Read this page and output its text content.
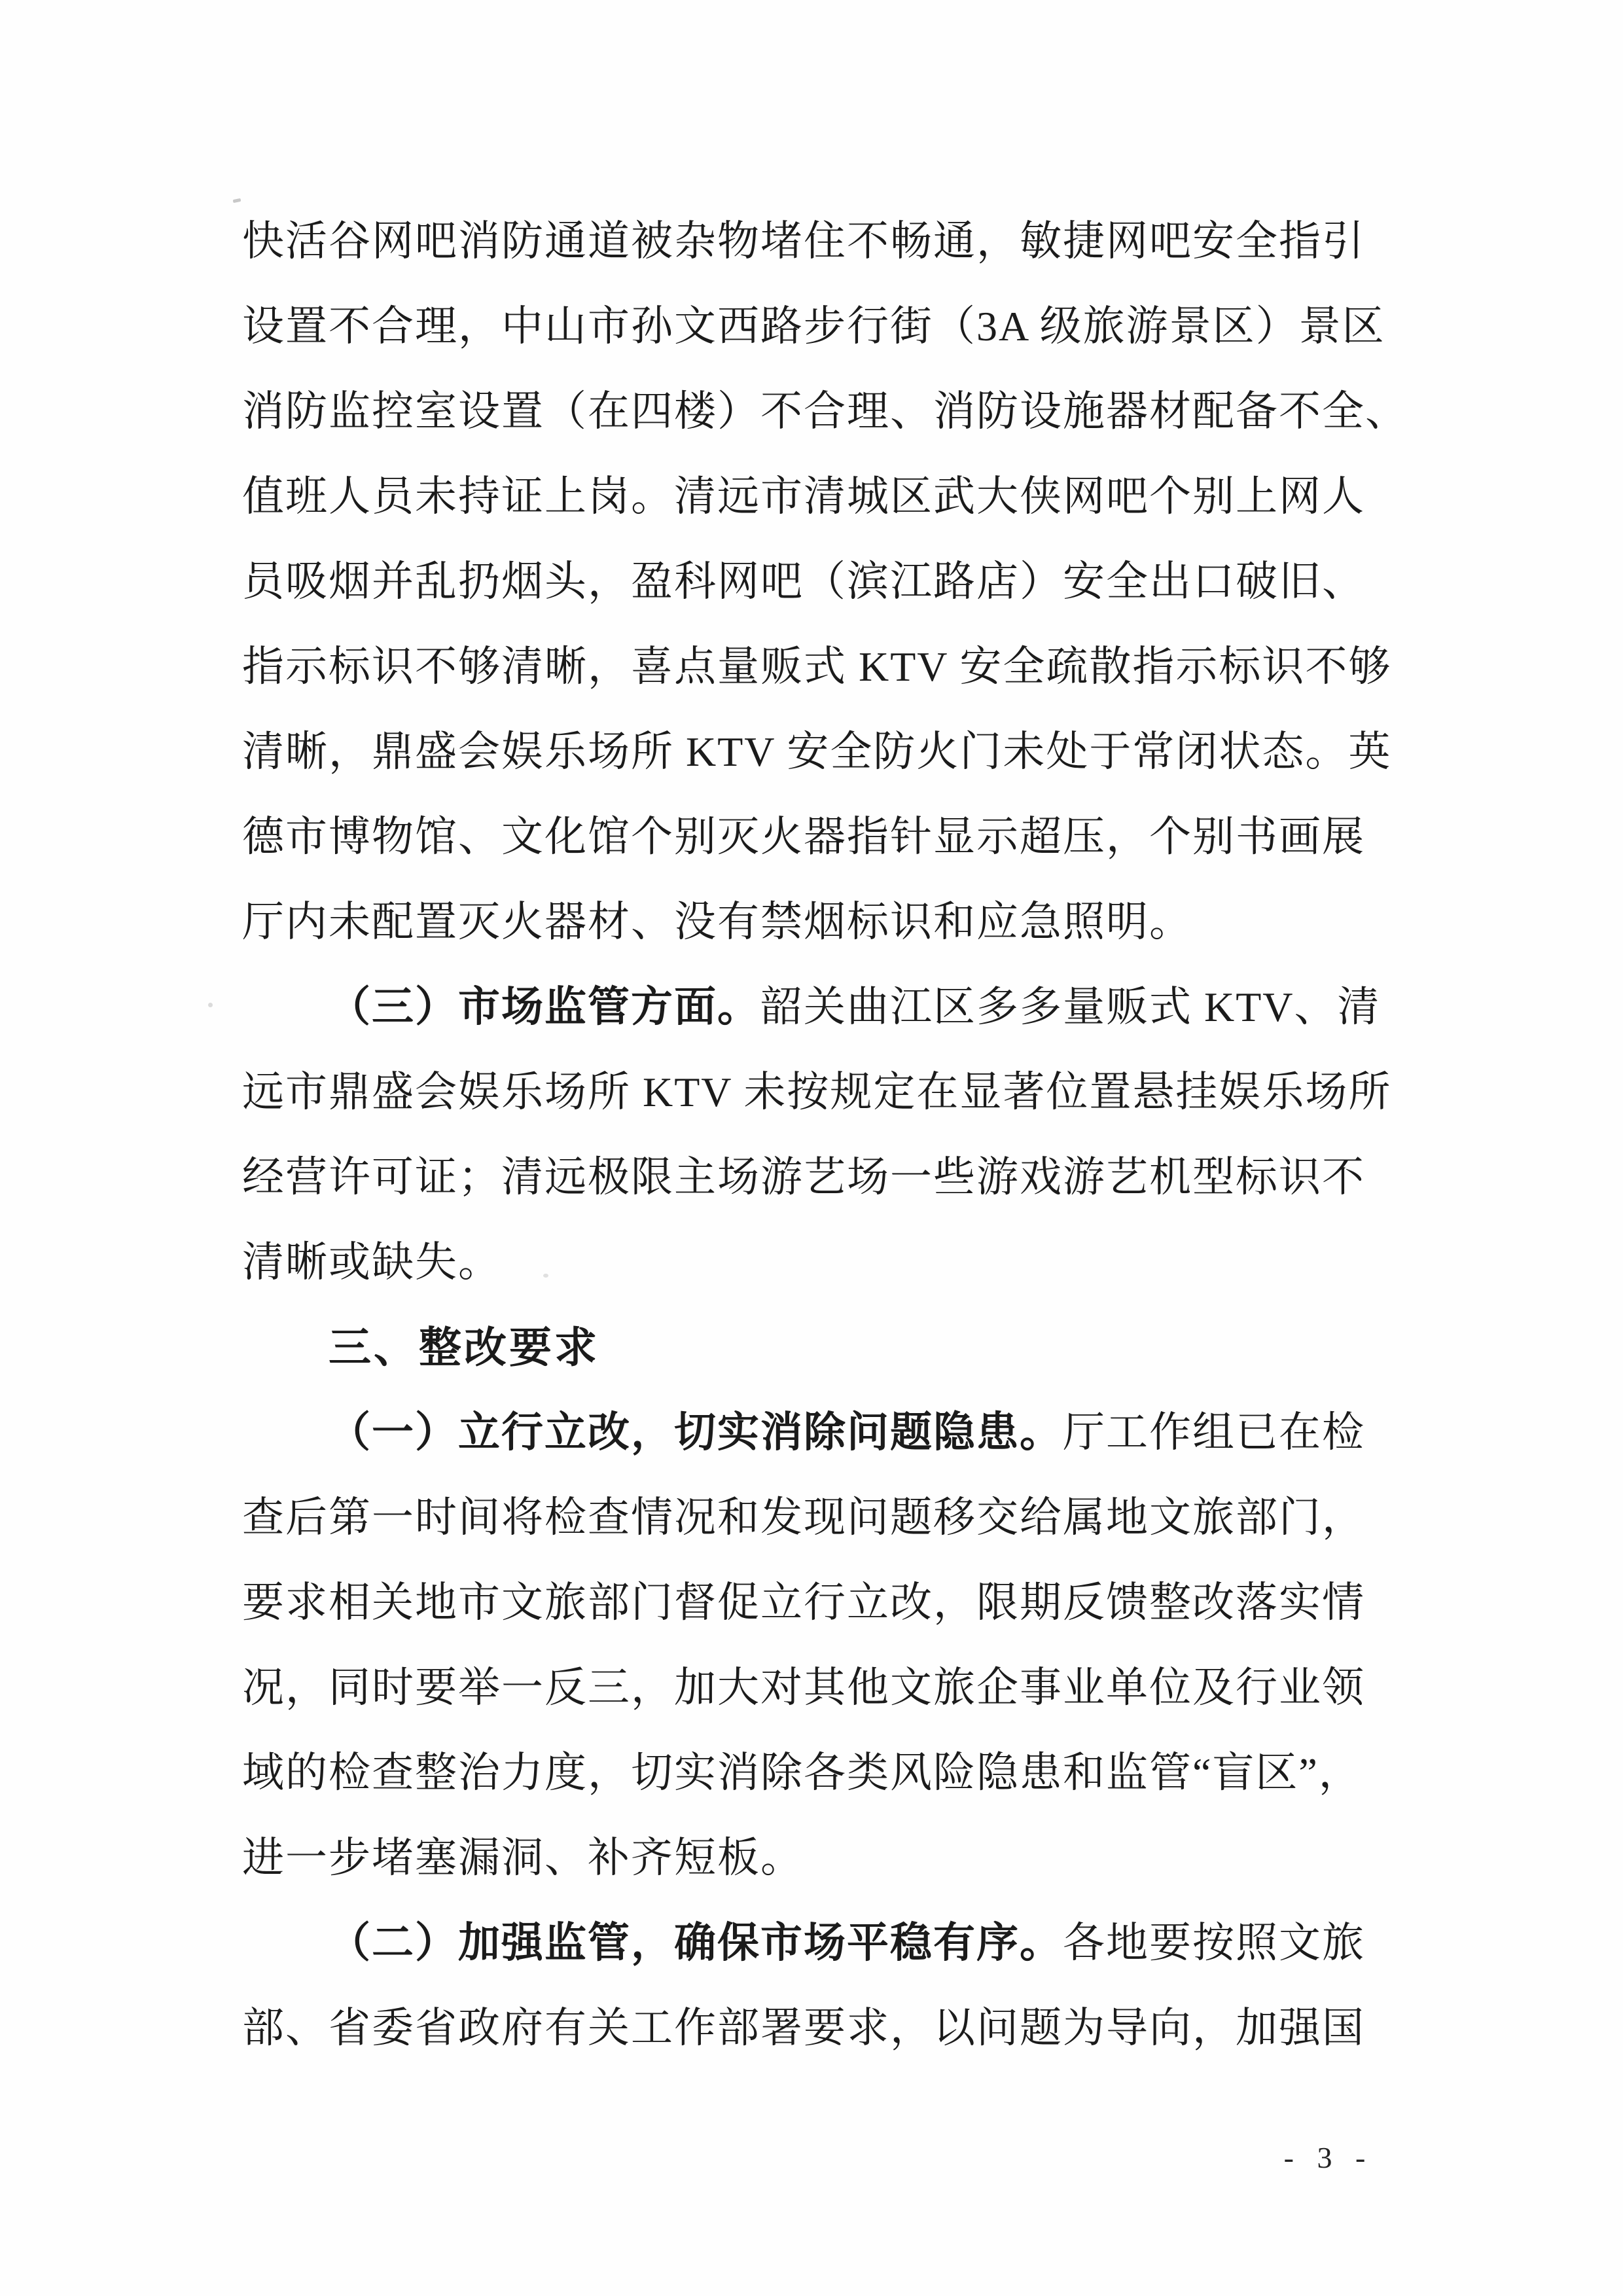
快活谷网吧消防通道被杂物堵住不畅通，敏捷网吧安全指引
设置不合理，中山市孙文西路步行街（3A 级旅游景区）景区
消防监控室设置（在四楼）不合理、消防设施器材配备不全、
值班人员未持证上岗。清远市清城区武大侠网吧个别上网人
员吸烟并乱扔烟头，盈科网吧（滨江路店）安全出口破旧、
指示标识不够清晰，喜点量贩式 KTV 安全疏散指示标识不够
清晰，鼎盛会娱乐场所 KTV 安全防火门未处于常闭状态。英
德市博物馆、文化馆个别灭火器指针显示超压，个别书画展
厅内未配置灭火器材、没有禁烟标识和应急照明。
（三）市场监管方面。韶关曲江区多多量贩式 KTV、清
远市鼎盛会娱乐场所 KTV 未按规定在显著位置悬挂娱乐场所
经营许可证；清远极限主场游艺场一些游戏游艺机型标识不
清晰或缺失。
三、整改要求
（一）立行立改，切实消除问题隐患。厅工作组已在检
查后第一时间将检查情况和发现问题移交给属地文旅部门，
要求相关地市文旅部门督促立行立改，限期反馈整改落实情
况，同时要举一反三，加大对其他文旅企事业单位及行业领
域的检查整治力度，切实消除各类风险隐患和监管“盲区”，
进一步堵塞漏洞、补齐短板。
（二）加强监管，确保市场平稳有序。各地要按照文旅
部、省委省政府有关工作部署要求，以问题为导向，加强国
- 3 -
